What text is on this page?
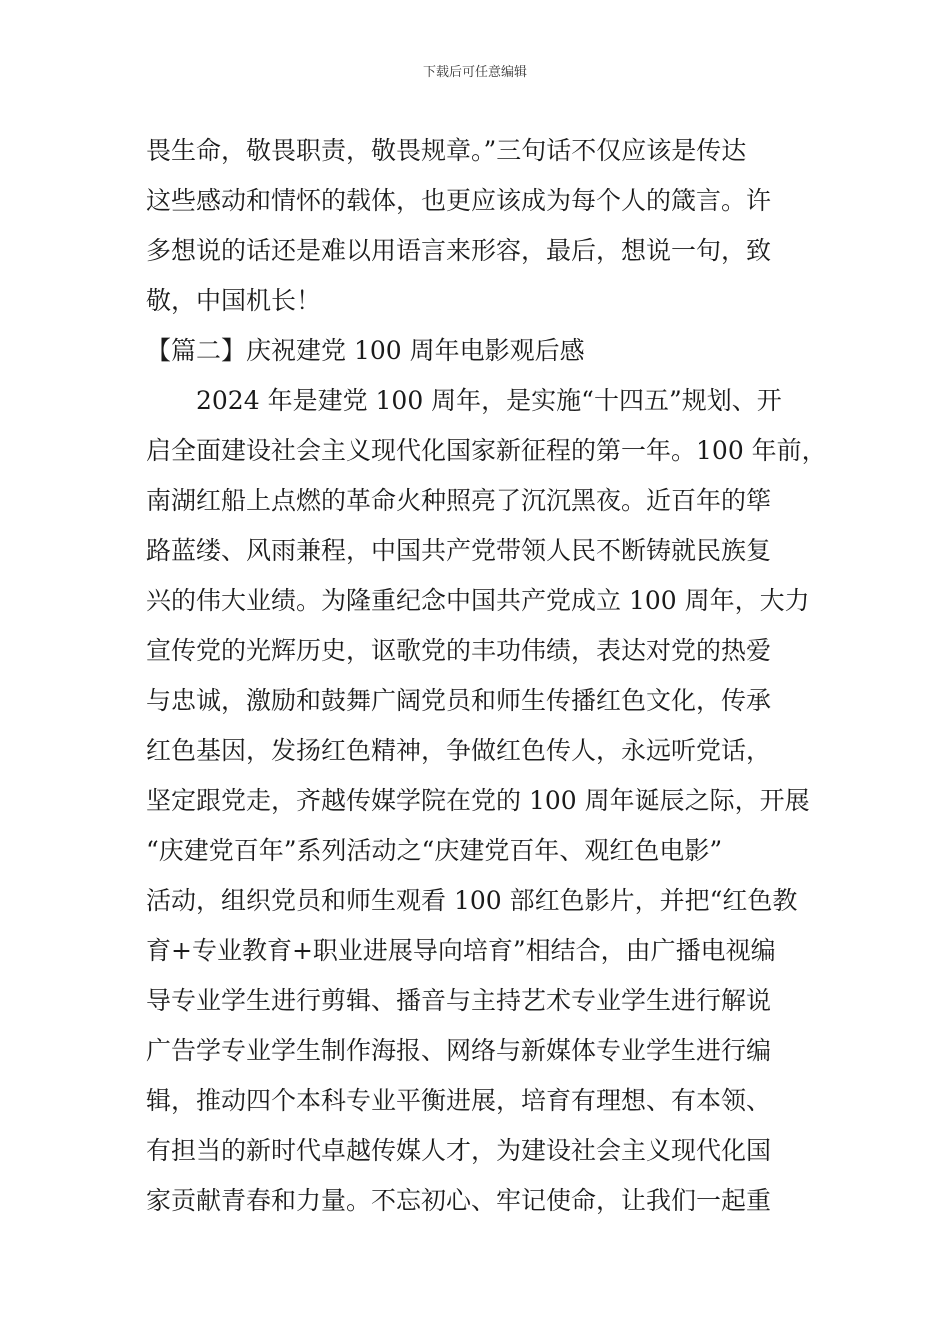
下载后可任意编辑
畏生命，敬畏职责，敬畏规章。”三句话不仅应该是传达
这些感动和情怀的载体，也更应该成为每个人的箴言。许
多想说的话还是难以用语言来形容，最后，想说一句，致
敬，中国机长！
【篇二】庆祝建党 100 周年电影观后感
2024 年是建党 100 周年，是实施“十四五”规划、开
启全面建设社会主义现代化国家新征程的第一年。100 年前，
南湖红船上点燃的革命火种照亮了沉沉黑夜。近百年的筚
路蓝缕、风雨兼程，中国共产党带领人民不断铸就民族复
兴的伟大业绩。为隆重纪念中国共产党成立 100 周年，大力
宣传党的光辉历史，讴歌党的丰功伟绩，表达对党的热爱
与忠诚，激励和鼓舞广阔党员和师生传播红色文化，传承
红色基因，发扬红色精神，争做红色传人，永远听党话，
坚定跟党走，齐越传媒学院在党的 100 周年诞辰之际，开展
“庆建党百年”系列活动之“庆建党百年、观红色电影”
活动，组织党员和师生观看 100 部红色影片，并把“红色教
育+专业教育+职业进展导向培育”相结合，由广播电视编
导专业学生进行剪辑、播音与主持艺术专业学生进行解说
广告学专业学生制作海报、网络与新媒体专业学生进行编
辑，推动四个本科专业平衡进展，培育有理想、有本领、
有担当的新时代卓越传媒人才，为建设社会主义现代化国
家贡献青春和力量。不忘初心、牢记使命，让我们一起重
